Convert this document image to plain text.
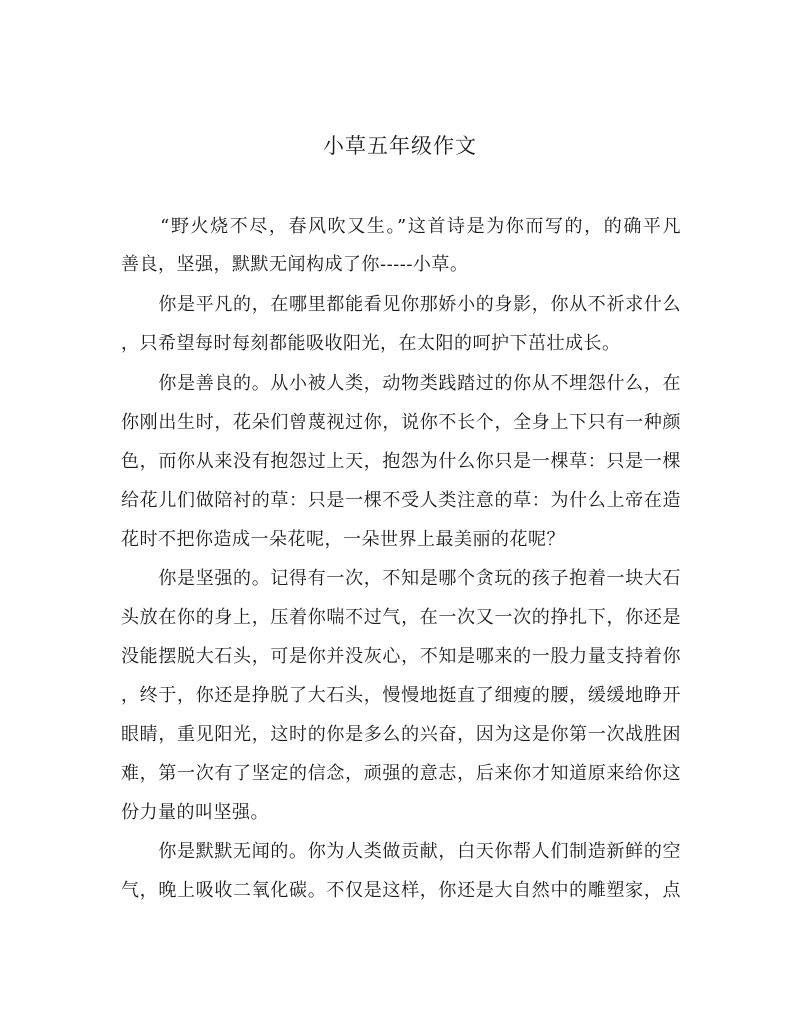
小草五年级作文
　　“野火烧不尽，春风吹又生。”这首诗是为你而写的，的确平凡
善良，坚强，默默无闻构成了你-----小草。
　　你是平凡的，在哪里都能看见你那娇小的身影，你从不祈求什么
，只希望每时每刻都能吸收阳光，在太阳的呵护下茁壮成长。
　　你是善良的。从小被人类，动物类践踏过的你从不埋怨什么，在
你刚出生时，花朵们曾蔑视过你，说你不长个，全身上下只有一种颜
色，而你从来没有抱怨过上天，抱怨为什么你只是一棵草：只是一棵
给花儿们做陪衬的草：只是一棵不受人类注意的草：为什么上帝在造
花时不把你造成一朵花呢，一朵世界上最美丽的花呢？
　　你是坚强的。记得有一次，不知是哪个贪玩的孩子抱着一块大石
头放在你的身上，压着你喘不过气，在一次又一次的挣扎下，你还是
没能摆脱大石头，可是你并没灰心，不知是哪来的一股力量支持着你
，终于，你还是挣脱了大石头，慢慢地挺直了细瘦的腰，缓缓地睁开
眼睛，重见阳光，这时的你是多么的兴奋，因为这是你第一次战胜困
难，第一次有了坚定的信念，顽强的意志，后来你才知道原来给你这
份力量的叫坚强。
　　你是默默无闻的。你为人类做贡献，白天你帮人们制造新鲜的空
气，晚上吸收二氧化碳。不仅是这样，你还是大自然中的雕塑家，点
